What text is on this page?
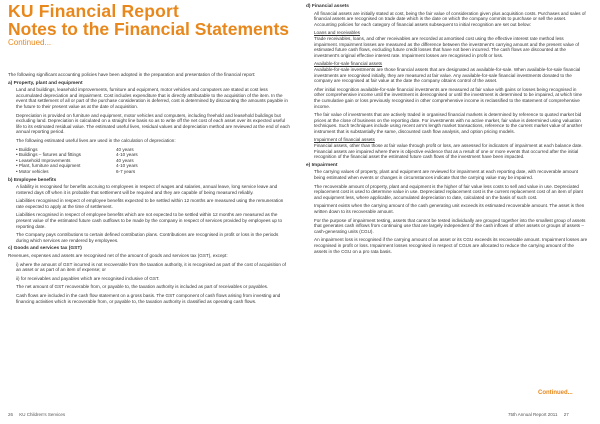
KU Financial Report
Notes to the Financial Statements
Continued...

The following significant accounting policies have been adopted in the preparation and presentation of the financial report:

a) Property, plant and equipment

Land and buildings, leasehold improvements, furniture and equipment, motor vehicles and computers are stated at cost less accumulated depreciation and impairment. Cost includes expenditure that is directly attributable to the acquisition of the item. In the event that settlement of all or part of the purchase consideration is deferred, cost is determined by discounting the amounts payable in the future to their present value as at the date of acquisition.

Depreciation is provided on furniture and equipment, motor vehicles and computers, including freehold and leasehold buildings but excluding land. Depreciation is calculated on a straight line basis so as to write off the net cost of each asset over its expected useful life to its estimated residual value. The estimated useful lives, residual values and depreciation method are reviewed at the end of each annual reporting period.

The following estimated useful lives are used in the calculation of depreciation:

• Buildings	40 years
• Buildings – fixtures and fittings	4-10 years
• Leasehold Improvements	40 years
• Plant, furniture and equipment	4-10 years
• Motor vehicles	6-7 years

b) Employee benefits

A liability is recognised for benefits accruing to employees in respect of wages and salaries, annual leave, long service leave and rostered days off when it is probable that settlement will be required and they are capable of being measured reliably.

Liabilities recognised in respect of employee benefits expected to be settled within 12 months are measured using the remuneration rate expected to apply at the time of settlement.

Liabilities recognised in respect of employee benefits which are not expected to be settled within 12 months are measured as the present value of the estimated future cash outflows to be made by the company in respect of services provided by employees up to reporting date.

The Company pays contributions to certain defined contribution plans. Contributions are recognised in profit or loss in the periods during which services are rendered by employees.

c) Goods and services tax (GST)

Revenues, expenses and assets are recognised net of the amount of goods and services tax (GST), except:

i) where the amount of GST incurred is not recoverable from the taxation authority, it is recognised as part of the cost of acquisition of an asset or as part of an item of expense; or

ii) for receivables and payables which are recognised inclusive of GST.

The net amount of GST recoverable from, or payable to, the taxation authority is included as part of receivables or payables.

Cash flows are included in the cash flow statement on a gross basis. The GST component of cash flows arising from investing and financing activities which is recoverable from, or payable to, the taxation authority is classified as operating cash flows.

d) Financial assets

All financial assets are initially stated at cost, being the fair value of consideration given plus acquisition costs. Purchases and sales of financial assets are recognised on trade date which is the date on which the company commits to purchase or sell the asset. Accounting policies for each category of financial assets subsequent to initial recognition are set out below:

Loans and receivables

Trade receivables, loans, and other receivables are recorded at amortised cost using the effective interest rate method less impairment. Impairment losses are measured as the difference between the investment's carrying amount and the present value of estimated future cash flows, excluding future credit losses that have not been incurred. The cash flows are discounted at the investment's original effective interest rate. Impairment losses are recognised in profit or loss.

Available-for-sale financial assets

Available-for-sale investments are those financial assets that are designated as available-for-sale. When available-for-sale financial investments are recognised initially, they are measured at fair value. Any available-for-sale financial investments donated to the company are recognised at fair value at the date the company obtains control of the asset.

After initial recognition available-for-sale financial investments are measured at fair value with gains or losses being recognised in other comprehensive income until the investment is derecognised or until the investment is determined to be impaired, at which time the cumulative gain or loss previously recognised in other comprehensive income is reclassified to the statement of comprehensive income.

The fair value of investments that are actively traded in organised financial markets is determined by reference to quoted market bid prices at the close of business on the reporting date. For investments with no active market, fair value is determined using valuation techniques. Such techniques include using recent arm's length market transactions, reference to the current market value of another instrument that is substantially the same, discounted cash flow analysis, and option pricing models.

Impairment of financial assets

Financial assets, other than those at fair value through profit or loss, are assessed for indicators of impairment at each balance date. Financial assets are impaired where there is objective evidence that as a result of one or more events that occurred after the initial recognition of the financial asset the estimated future cash flows of the investment have been impacted.

e) Impairment

The carrying values of property, plant and equipment are reviewed for impairment at each reporting date, with recoverable amount being estimated when events or changes in circumstances indicate that the carrying value may be impaired.

The recoverable amount of property, plant and equipment is the higher of fair value less costs to sell and value in use. Depreciated replacement cost is used to determine value in use. Depreciated replacement cost is the current replacement cost of an item of plant and equipment less, where applicable, accumulated depreciation to date, calculated on the basis of such cost.

Impairment exists when the carrying amount of the cash generating unit exceeds its estimated recoverable amount. The asset is then written down to its recoverable amount.

For the purpose of impairment testing, assets that cannot be tested individually are grouped together into the smallest group of assets that generates cash inflows from continuing use that are largely independent of the cash inflows of other assets or groups of assets – cash-generating units (CGU).

An impairment loss is recognised if the carrying amount of an asset or its CGU exceeds its recoverable amount. Impairment losses are recognised in profit or loss. Impairment losses recognised in respect of CGUs are allocated to reduce the carrying amount of the assets in the CGU on a pro rata basis.

Continued...
26 KU Children's Services	75th Annual Report 2011 27
